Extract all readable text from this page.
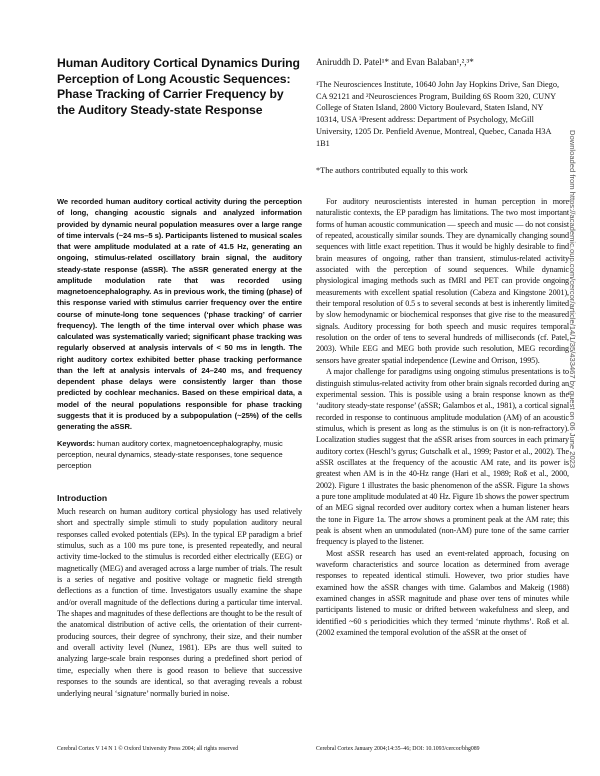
Human Auditory Cortical Dynamics During Perception of Long Acoustic Sequences: Phase Tracking of Carrier Frequency by the Auditory Steady-state Response
Aniruddh D. Patel¹* and Evan Balaban¹,²,³*
¹The Neurosciences Institute, 10640 John Jay Hopkins Drive, San Diego, CA 92121 and ²Neurosciences Program, Building 6S Room 320, CUNY College of Staten Island, 2800 Victory Boulevard, Staten Island, NY 10314, USA ³Present address: Department of Psychology, McGill University, 1205 Dr. Penfield Avenue, Montreal, Quebec, Canada H3A 1B1
*The authors contributed equally to this work
We recorded human auditory cortical activity during the perception of long, changing acoustic signals and analyzed information provided by dynamic neural population measures over a large range of time intervals (~24 ms–5 s). Participants listened to musical scales that were amplitude modulated at a rate of 41.5 Hz, generating an ongoing, stimulus-related oscillatory brain signal, the auditory steady-state response (aSSR). The aSSR generated energy at the amplitude modulation rate that was recorded using magnetoencephalography. As in previous work, the timing (phase) of this response varied with stimulus carrier frequency over the entire course of minute-long tone sequences (‘phase tracking’ of carrier frequency). The length of the time interval over which phase was calculated was systematically varied; significant phase tracking was regularly observed at analysis intervals of < 50 ms in length. The right auditory cortex exhibited better phase tracking performance than the left at analysis intervals of 24–240 ms, and frequency dependent phase delays were consistently larger than those predicted by cochlear mechanics. Based on these empirical data, a model of the neural populations responsible for phase tracking suggests that it is produced by a subpopulation (~25%) of the cells generating the aSSR.
Keywords: human auditory cortex, magnetoencephalography, music perception, neural dynamics, steady-state responses, tone sequence perception
Introduction
Much research on human auditory cortical physiology has used relatively short and spectrally simple stimuli to study population auditory neural responses called evoked potentials (EPs). In the typical EP paradigm a brief stimulus, such as a 100 ms pure tone, is presented repeatedly, and neural activity time-locked to the stimulus is recorded either electrically (EEG) or magnetically (MEG) and averaged across a large number of trials. The result is a series of negative and positive voltage or magnetic field strength deflections as a function of time. Investigators usually examine the shape and/or overall magnitude of the deflections during a particular time interval. The shapes and magnitudes of these deflections are thought to be the result of the anatomical distribution of active cells, the orientation of their current-producing sources, their degree of synchrony, their size, and their number and overall activity level (Nunez, 1981). EPs are thus well suited to analyzing large-scale brain responses during a predefined short period of time, especially when there is good reason to believe that successive responses to the sounds are identical, so that averaging reveals a robust underlying neural ‘signature’ normally buried in noise.

For auditory neuroscientists interested in human perception in more naturalistic contexts, the EP paradigm has limitations. The two most important forms of human acoustic communication — speech and music — do not consist of repeated, acoustically similar sounds. They are dynamically changing sound sequences with little exact repetition. Thus it would be highly desirable to find brain measures of ongoing, rather than transient, stimulus-related activity associated with the perception of sound sequences. While dynamic physiological imaging methods such as fMRI and PET can provide ongoing measurements with excellent spatial resolution (Cabeza and Kingstone 2001), their temporal resolution of 0.5 s to several seconds at best is inherently limited by slow hemodynamic or biochemical responses that give rise to the measured signals. Auditory processing for both speech and music requires temporal resolution on the order of tens to several hundreds of milliseconds (cf. Patel, 2003). While EEG and MEG both provide such resolution, MEG recording sensors have greater spatial independence (Lewine and Orrison, 1995).

A major challenge for paradigms using ongoing stimulus presentations is to distinguish stimulus-related activity from other brain signals recorded during an experimental session. This is possible using a brain response known as the ‘auditory steady-state response’ (aSSR; Galambos et al., 1981), a cortical signal recorded in response to continuous amplitude modulation (AM) of an acoustic stimulus, which is present as long as the stimulus is on (it is non-refractory). Localization studies suggest that the aSSR arises from sources in each primary auditory cortex (Heschl’s gyrus; Gutschalk et al., 1999; Pastor et al., 2002). The aSSR oscillates at the frequency of the acoustic AM rate, and its power is greatest when AM is in the 40-Hz range (Hari et al., 1989; Roß et al., 2000, 2002). Figure 1 illustrates the basic phenomenon of the aSSR. Figure 1a shows a pure tone amplitude modulated at 40 Hz. Figure 1b shows the power spectrum of an MEG signal recorded over auditory cortex when a human listener hears the tone in Figure 1a. The arrow shows a prominent peak at the AM rate; this peak is absent when an unmodulated (non-AM) pure tone of the same carrier frequency is played to the listener.

Most aSSR research has used an event-related approach, focusing on waveform characteristics and source location as determined from average responses to repeated identical stimuli. However, two prior studies have examined how the aSSR changes with time. Galambos and Makeig (1988) examined changes in aSSR magnitude and phase over tens of minutes while participants listened to music or drifted between wakefulness and sleep, and identified ~60 s periodicities which they termed ‘minute rhythms’. Roß et al. (2002 examined the temporal evolution of the aSSR at the onset of

Cerebral Cortex V 14 N 1 © Oxford University Press 2004; all rights reserved	Cerebral Cortex January 2004;14:35–46; DOI: 10.1093/cercor/bhg089
Downloaded from https://academic.oup.com/cercor/article/14/1/35/433467 by guest on 06 June 2023
